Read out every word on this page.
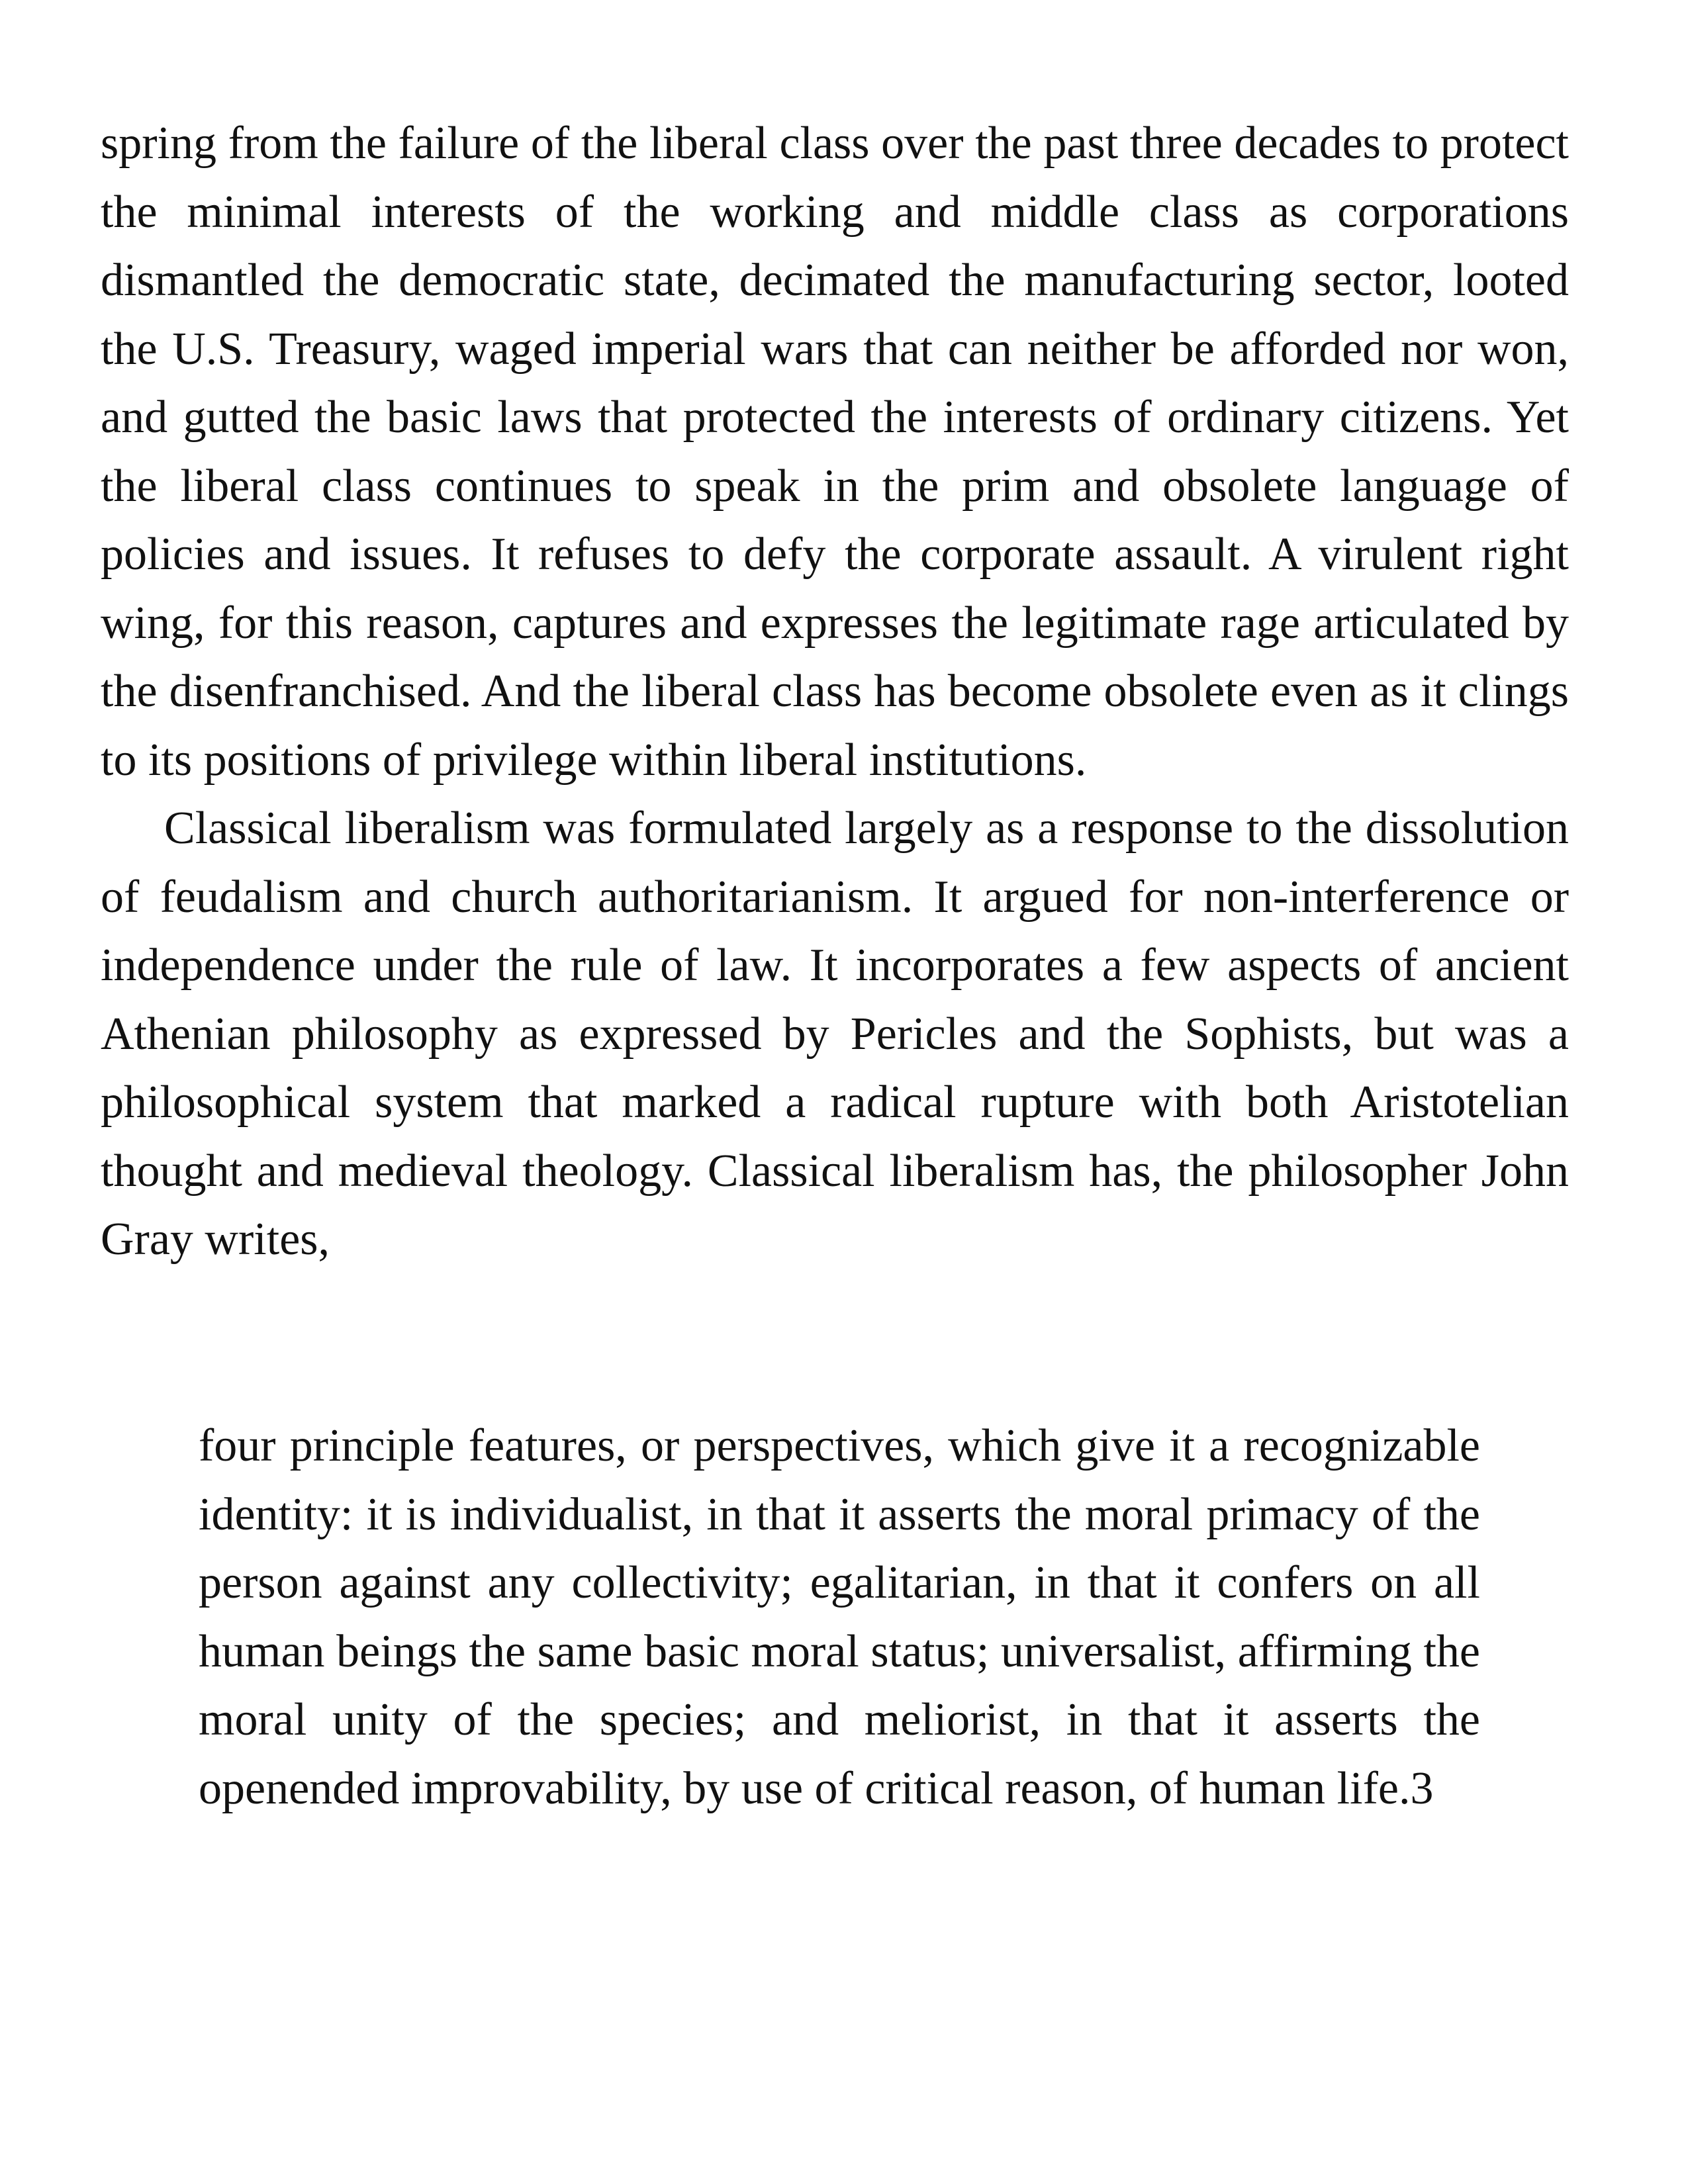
spring from the failure of the liberal class over the past three decades to protect the minimal interests of the working and middle class as corporations dismantled the democratic state, decimated the manufacturing sector, looted the U.S. Treasury, waged imperial wars that can neither be afforded nor won, and gutted the basic laws that protected the interests of ordinary citizens. Yet the liberal class continues to speak in the prim and obsolete language of policies and issues. It refuses to defy the corporate assault. A virulent right wing, for this reason, captures and expresses the legitimate rage articulated by the disenfranchised. And the liberal class has become obsolete even as it clings to its positions of privilege within liberal institutions.

Classical liberalism was formulated largely as a response to the dissolution of feudalism and church authoritarianism. It argued for non-interference or independence under the rule of law. It incorporates a few aspects of ancient Athenian philosophy as expressed by Pericles and the Sophists, but was a philosophical system that marked a radical rupture with both Aristotelian thought and medieval theology. Classical liberalism has, the philosopher John Gray writes,

four principle features, or perspectives, which give it a recognizable identity: it is individualist, in that it asserts the moral primacy of the person against any collectivity; egalitarian, in that it confers on all human beings the same basic moral status; universalist, affirming the moral unity of the species; and meliorist, in that it asserts the openended improvability, by use of critical reason, of human life.3
